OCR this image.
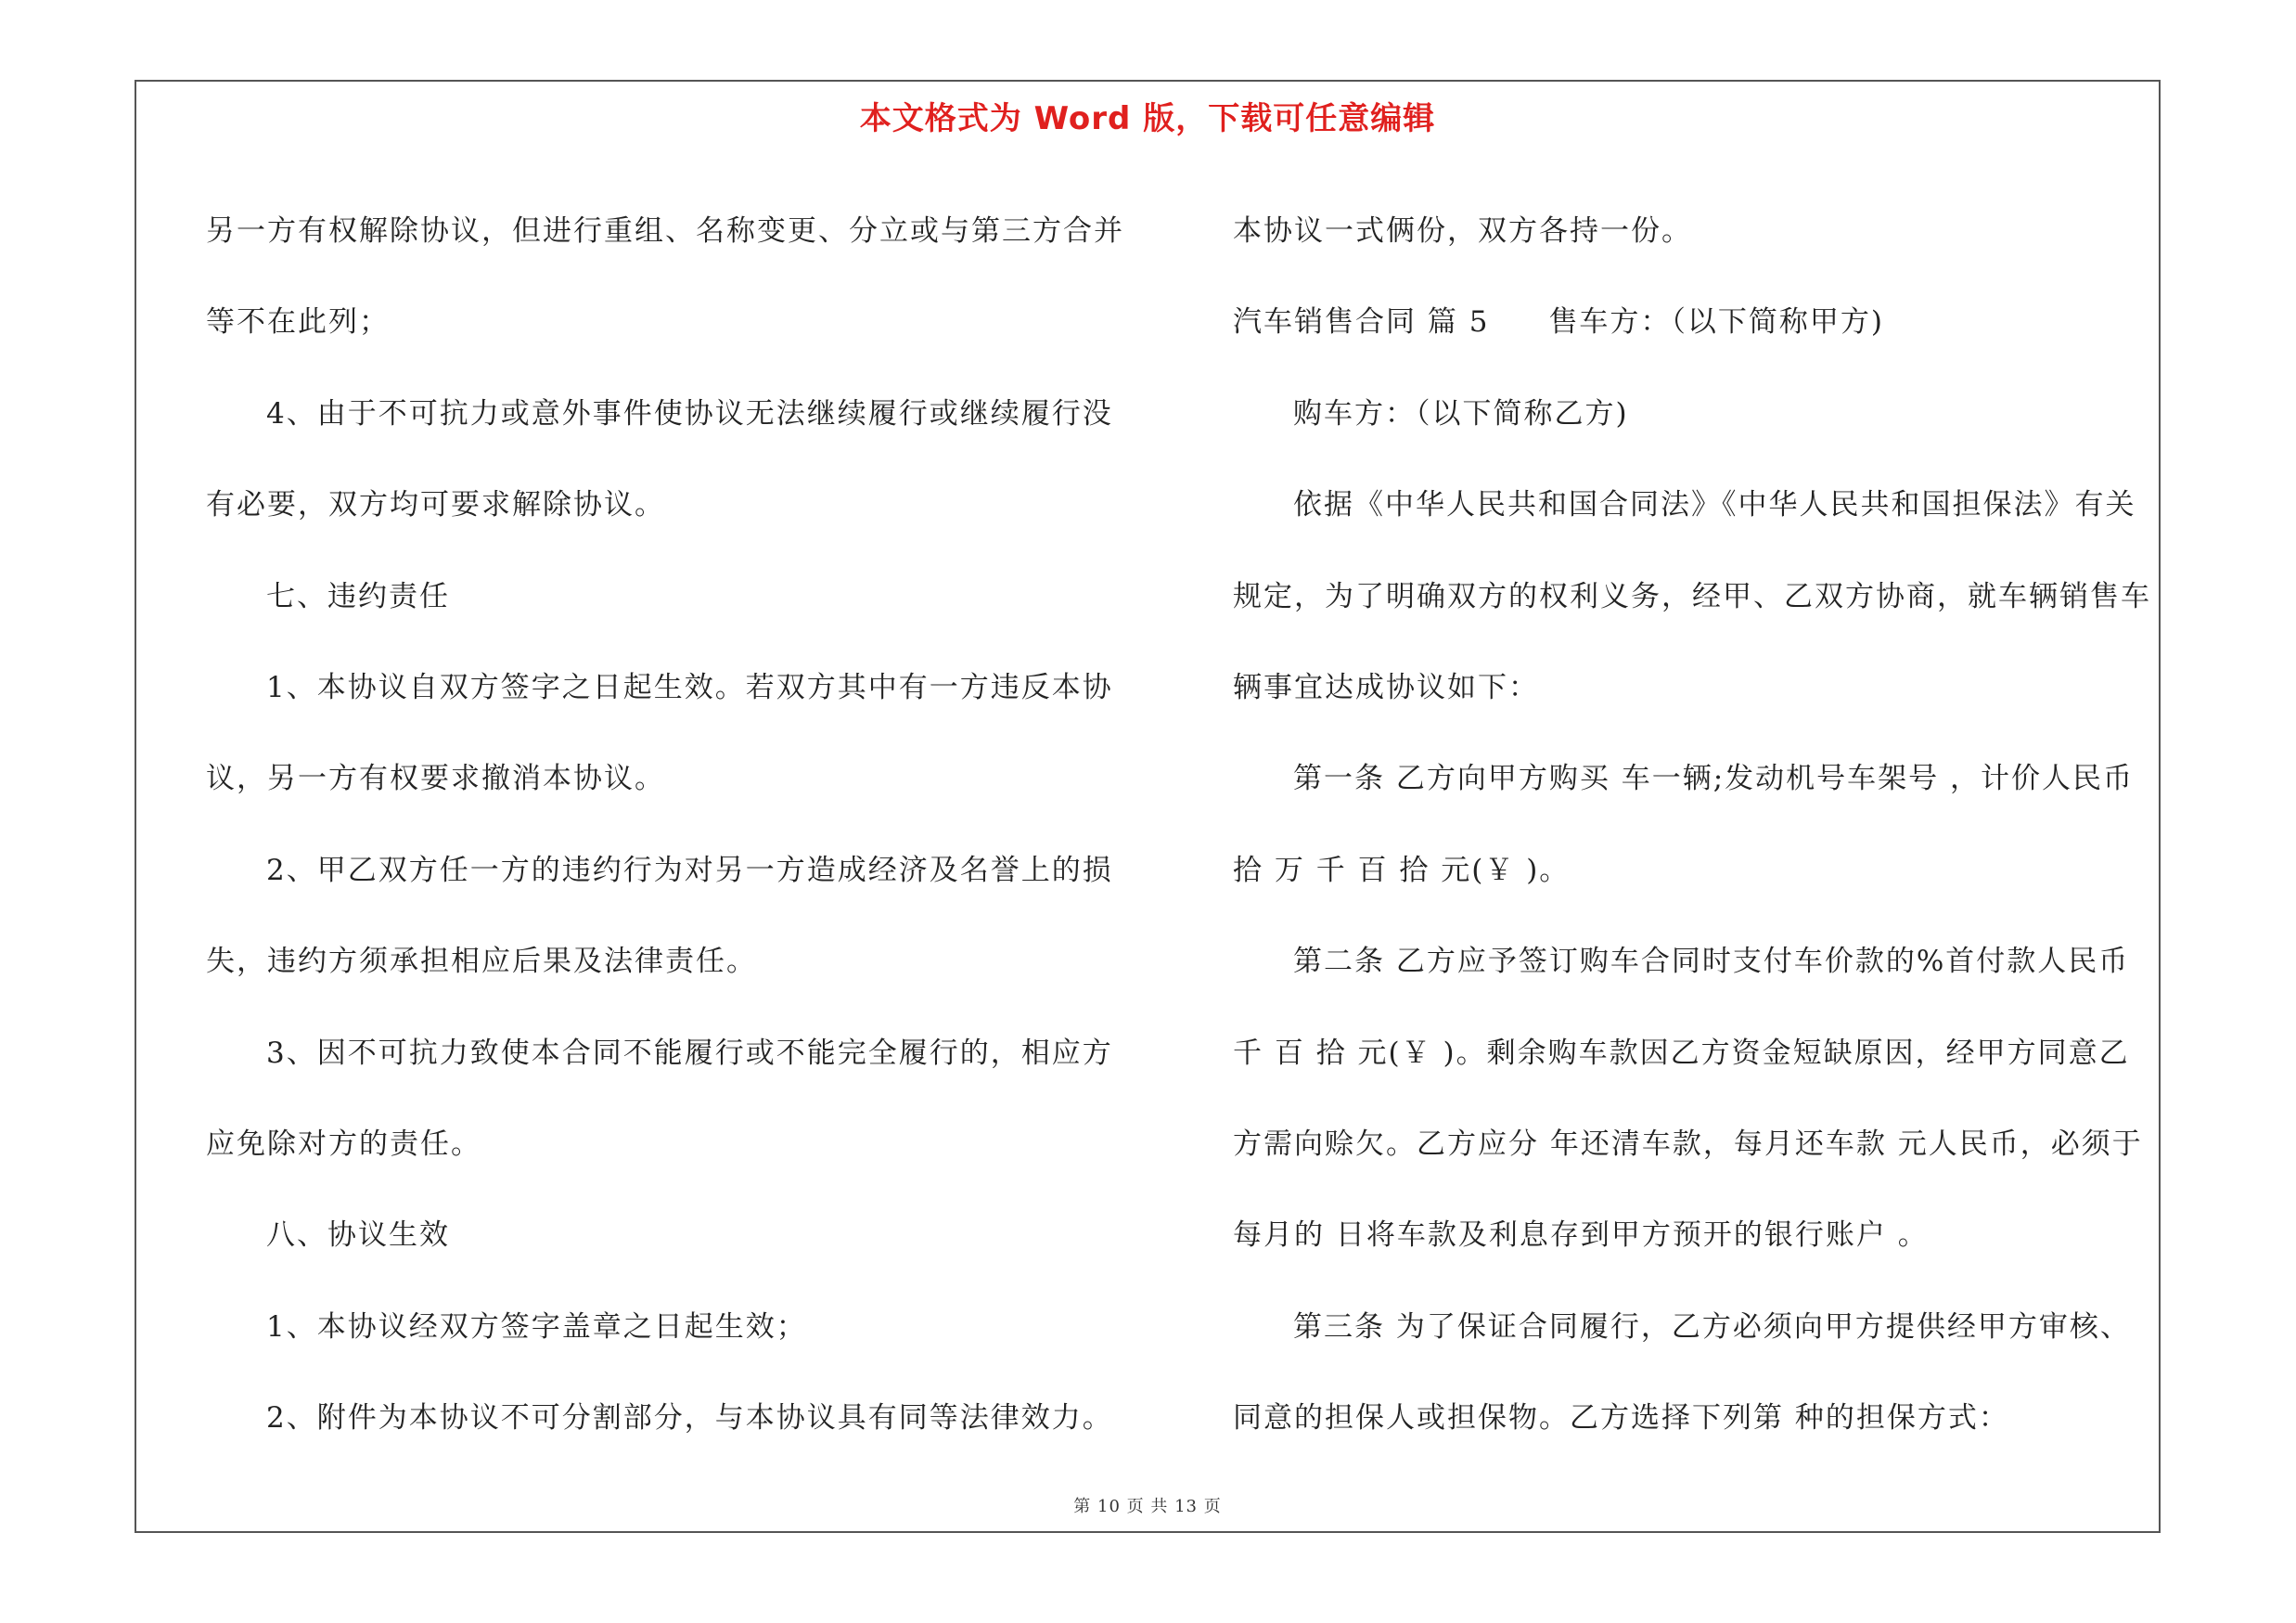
本文格式为 Word 版，下载可任意编辑
另一方有权解除协议，但进行重组、名称变更、分立或与第三方合并
等不在此列；
4、由于不可抗力或意外事件使协议无法继续履行或继续履行没
有必要，双方均可要求解除协议。
七、违约责任
1、本协议自双方签字之日起生效。若双方其中有一方违反本协
议，另一方有权要求撤消本协议。
2、甲乙双方任一方的违约行为对另一方造成经济及名誉上的损
失，违约方须承担相应后果及法律责任。
3、因不可抗力致使本合同不能履行或不能完全履行的，相应方
应免除对方的责任。
八、协议生效
1、本协议经双方签字盖章之日起生效；
2、附件为本协议不可分割部分，与本协议具有同等法律效力。
本协议一式俩份，双方各持一份。
汽车销售合同 篇 5 售车方：（以下简称甲方)
购车方：（以下简称乙方)
依据《中华人民共和国合同法》《中华人民共和国担保法》有关
规定，为了明确双方的权利义务，经甲、乙双方协商，就车辆销售车
辆事宜达成协议如下：
第一条 乙方向甲方购买 车一辆;发动机号车架号 ，计价人民币
拾 万 千 百 拾 元(￥ )。
第二条 乙方应予签订购车合同时支付车价款的%首付款人民币
千 百 拾 元(￥ )。剩余购车款因乙方资金短缺原因，经甲方同意乙
方需向赊欠。乙方应分 年还清车款，每月还车款 元人民币，必须于
每月的 日将车款及利息存到甲方预开的银行账户 。
第三条 为了保证合同履行，乙方必须向甲方提供经甲方审核、
同意的担保人或担保物。乙方选择下列第 种的担保方式：
第 10 页 共 13 页
